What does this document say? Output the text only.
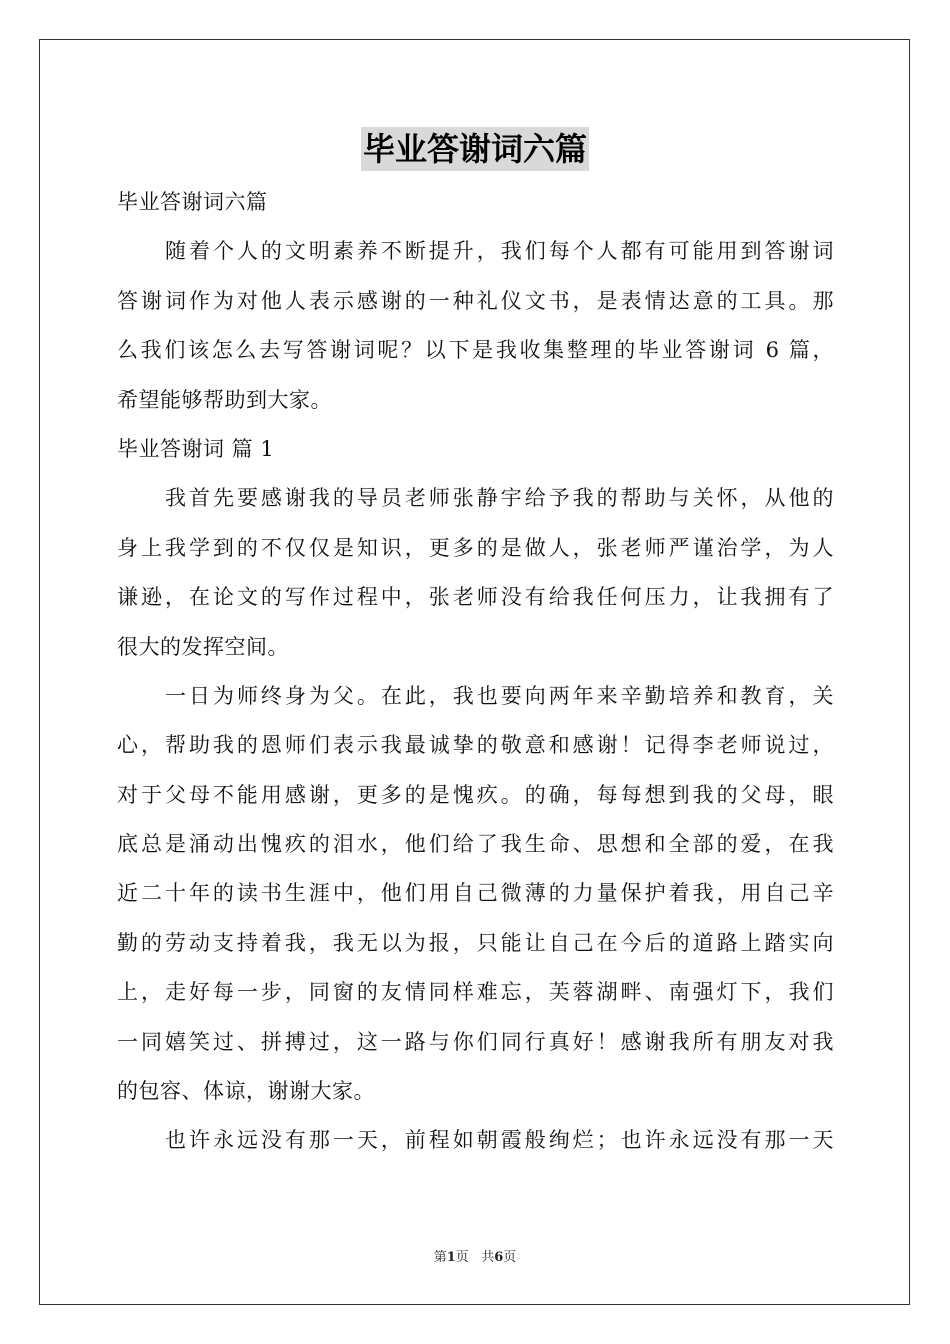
毕业答谢词六篇
毕业答谢词六篇
随着个人的文明素养不断提升，我们每个人都有可能用到答谢词
答谢词作为对他人表示感谢的一种礼仪文书，是表情达意的工具。那
么我们该怎么去写答谢词呢？以下是我收集整理的毕业答谢词 6 篇，
希望能够帮助到大家。
毕业答谢词 篇 1
我首先要感谢我的导员老师张静宇给予我的帮助与关怀，从他的
身上我学到的不仅仅是知识，更多的是做人，张老师严谨治学，为人
谦逊，在论文的写作过程中，张老师没有给我任何压力，让我拥有了
很大的发挥空间。
一日为师终身为父。在此，我也要向两年来辛勤培养和教育，关
心，帮助我的恩师们表示我最诚挚的敬意和感谢！记得李老师说过，
对于父母不能用感谢，更多的是愧疚。的确，每每想到我的父母，眼
底总是涌动出愧疚的泪水，他们给了我生命、思想和全部的爱，在我
近二十年的读书生涯中，他们用自己微薄的力量保护着我，用自己辛
勤的劳动支持着我，我无以为报，只能让自己在今后的道路上踏实向
上，走好每一步，同窗的友情同样难忘，芙蓉湖畔、南强灯下，我们
一同嬉笑过、拼搏过，这一路与你们同行真好！感谢我所有朋友对我
的包容、体谅，谢谢大家。
也许永远没有那一天，前程如朝霞般绚烂；也许永远没有那一天
第1页 共6页
